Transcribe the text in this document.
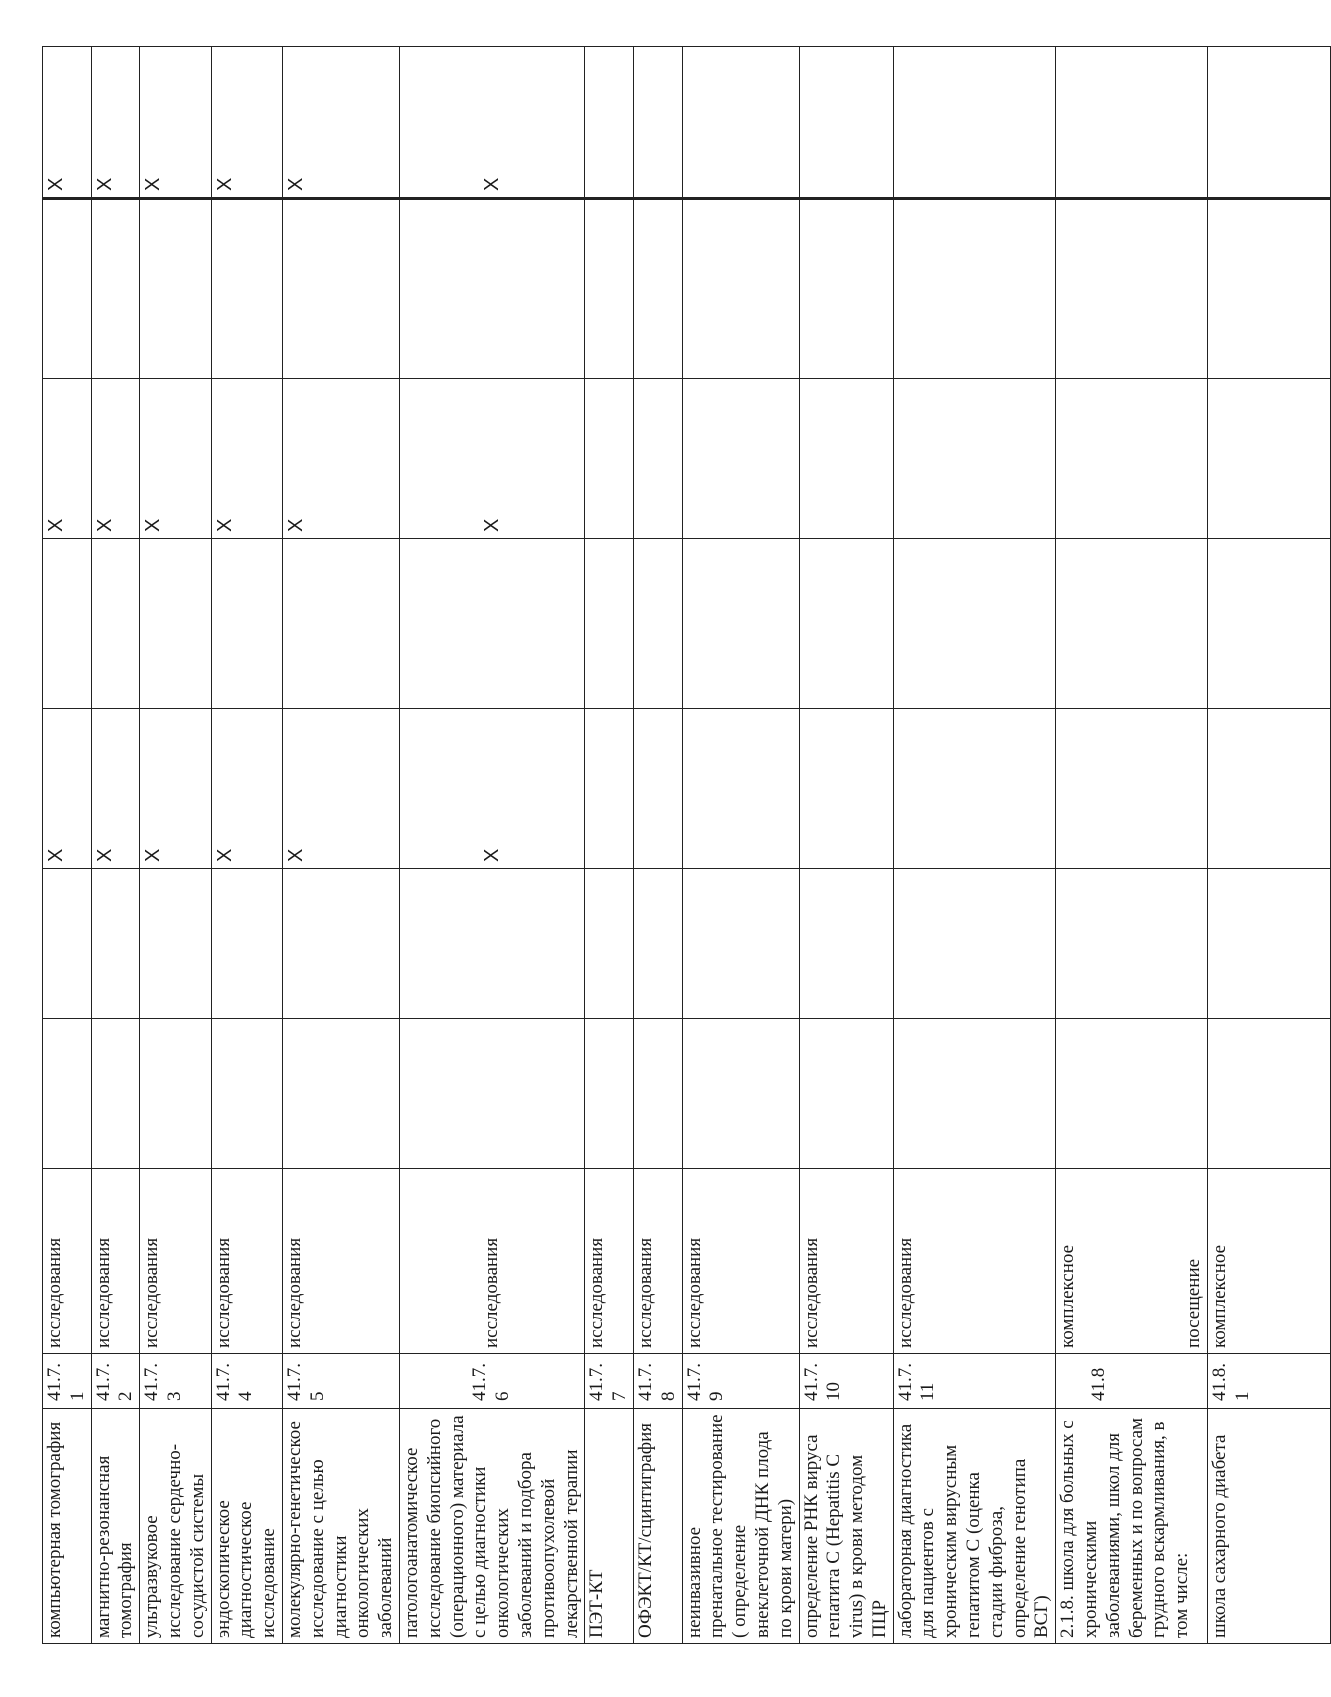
компьютерная томография	41.7.1	исследования			X		X		X
магнитно-резонансная томография	41.7.2	исследования			X		X		X
ультразвуковое исследование сердечно-сосудистой системы	41.7.3	исследования			X		X		X
эндоскопическое диагностическое исследование	41.7.4	исследования			X		X		X
молекулярно-генетическое исследование с целью диагностики онкологических заболеваний	41.7.5	исследования			X		X		X
патологоанатомическое исследование биопсийного (операционного) материала с целью диагностики онкологических заболеваний и подбора противоопухолевой лекарственной терапии	41.7.6	исследования			X		X		X
ПЭТ-КТ	41.7.7	исследования							
ОФЭКТ/КТ/сцинтиграфия	41.7.8	исследования							
неинвазивное пренатальное тестирование ( определение внеклеточной ДНК плода по крови матери)	41.7.9	исследования							
определение РНК вируса гепатита С (Hepatitis С virus) в крови методом ПЦР	41.7.10	исследования							
лабораторная диагностика для пациентов с хроническим вирусным гепатитом С (оценка стадии фиброза, определение генотипа ВСГ)	41.7.11	исследования							
2.1.8. школа для больных с хроническими заболеваниями, школ для беременных и по вопросам грудного вскармливания, в том числе:	41.8	комплексное посещение							

школа сахарного диабета	41.8.1	комплексное							
